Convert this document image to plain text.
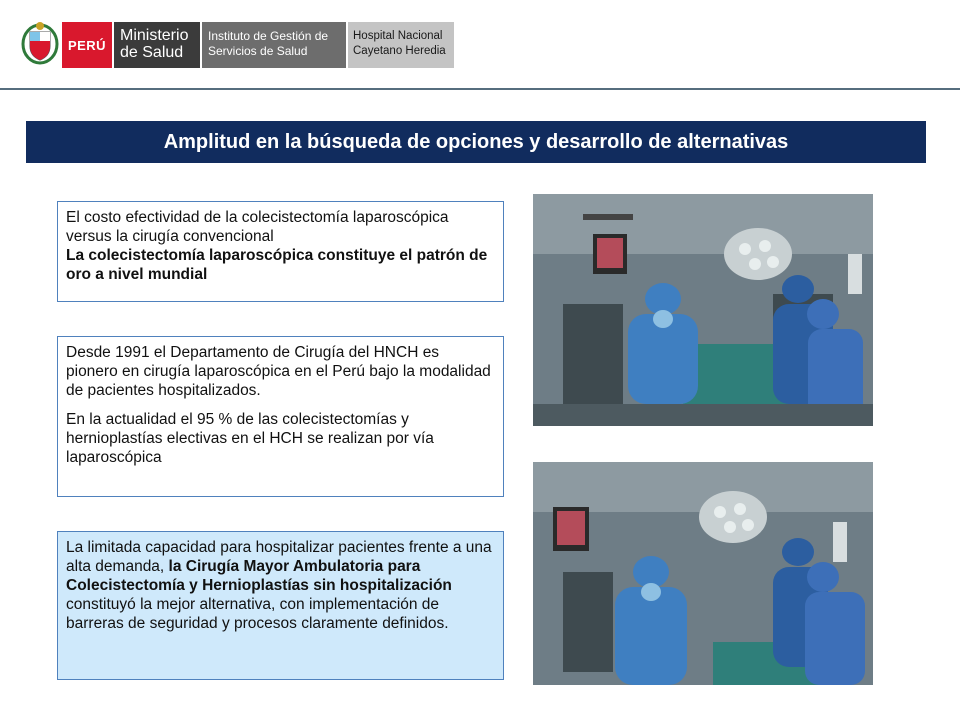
PERÚ
Ministerio
de Salud
Instituto de Gestión de
Servicios de Salud
Hospital Nacional
Cayetano Heredia
Amplitud en la búsqueda de opciones y desarrollo de alternativas

El costo efectividad de la colecistectomía laparoscópica versus la cirugía convencional
La colecistectomía laparoscópica constituye el patrón de oro a nivel mundial

Desde 1991 el Departamento de Cirugía del HNCH es pionero en cirugía laparoscópica en el Perú bajo la modalidad de pacientes hospitalizados.

En la actualidad el 95 % de las colecistectomías y hernioplastías electivas en el HCH se realizan por vía laparoscópica

La limitada capacidad para hospitalizar pacientes frente a una alta demanda, la Cirugía Mayor Ambulatoria para Colecistectomía y Hernioplastías sin hospitalización constituyó la mejor alternativa, con implementación de barreras de seguridad y procesos claramente definidos.
